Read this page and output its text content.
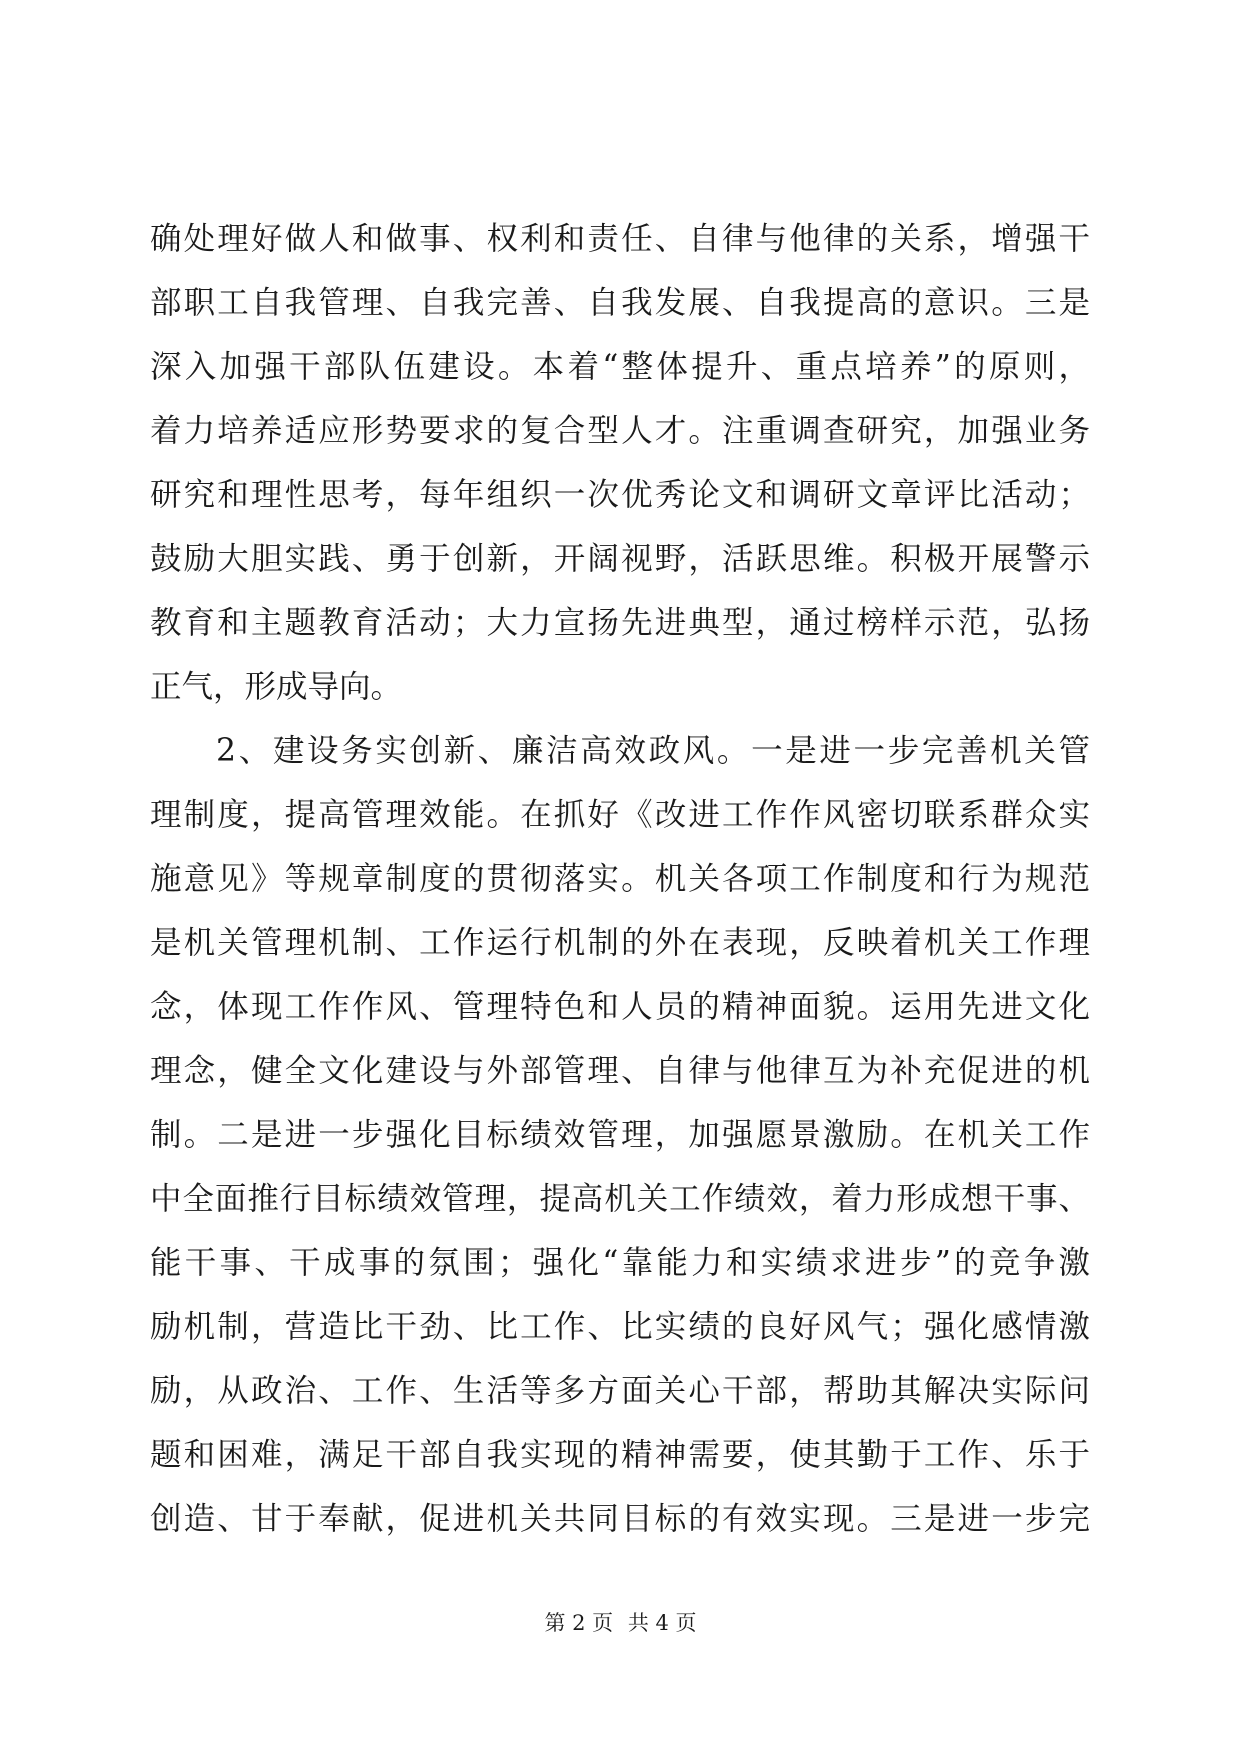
确处理好做人和做事、权利和责任、自律与他律的关系，增强干
部职工自我管理、自我完善、自我发展、自我提高的意识。三是
深入加强干部队伍建设。本着“整体提升、重点培养”的原则，
着力培养适应形势要求的复合型人才。注重调查研究，加强业务
研究和理性思考，每年组织一次优秀论文和调研文章评比活动；
鼓励大胆实践、勇于创新，开阔视野，活跃思维。积极开展警示
教育和主题教育活动；大力宣扬先进典型，通过榜样示范，弘扬
正气，形成导向。
2、建设务实创新、廉洁高效政风。一是进一步完善机关管
理制度，提高管理效能。在抓好《改进工作作风密切联系群众实
施意见》等规章制度的贯彻落实。机关各项工作制度和行为规范
是机关管理机制、工作运行机制的外在表现，反映着机关工作理
念，体现工作作风、管理特色和人员的精神面貌。运用先进文化
理念，健全文化建设与外部管理、自律与他律互为补充促进的机
制。二是进一步强化目标绩效管理，加强愿景激励。在机关工作
中全面推行目标绩效管理，提高机关工作绩效，着力形成想干事、
能干事、干成事的氛围；强化“靠能力和实绩求进步”的竞争激
励机制，营造比干劲、比工作、比实绩的良好风气；强化感情激
励，从政治、工作、生活等多方面关心干部，帮助其解决实际问
题和困难，满足干部自我实现的精神需要，使其勤于工作、乐于
创造、甘于奉献，促进机关共同目标的有效实现。三是进一步完
第 2 页 共 4 页
